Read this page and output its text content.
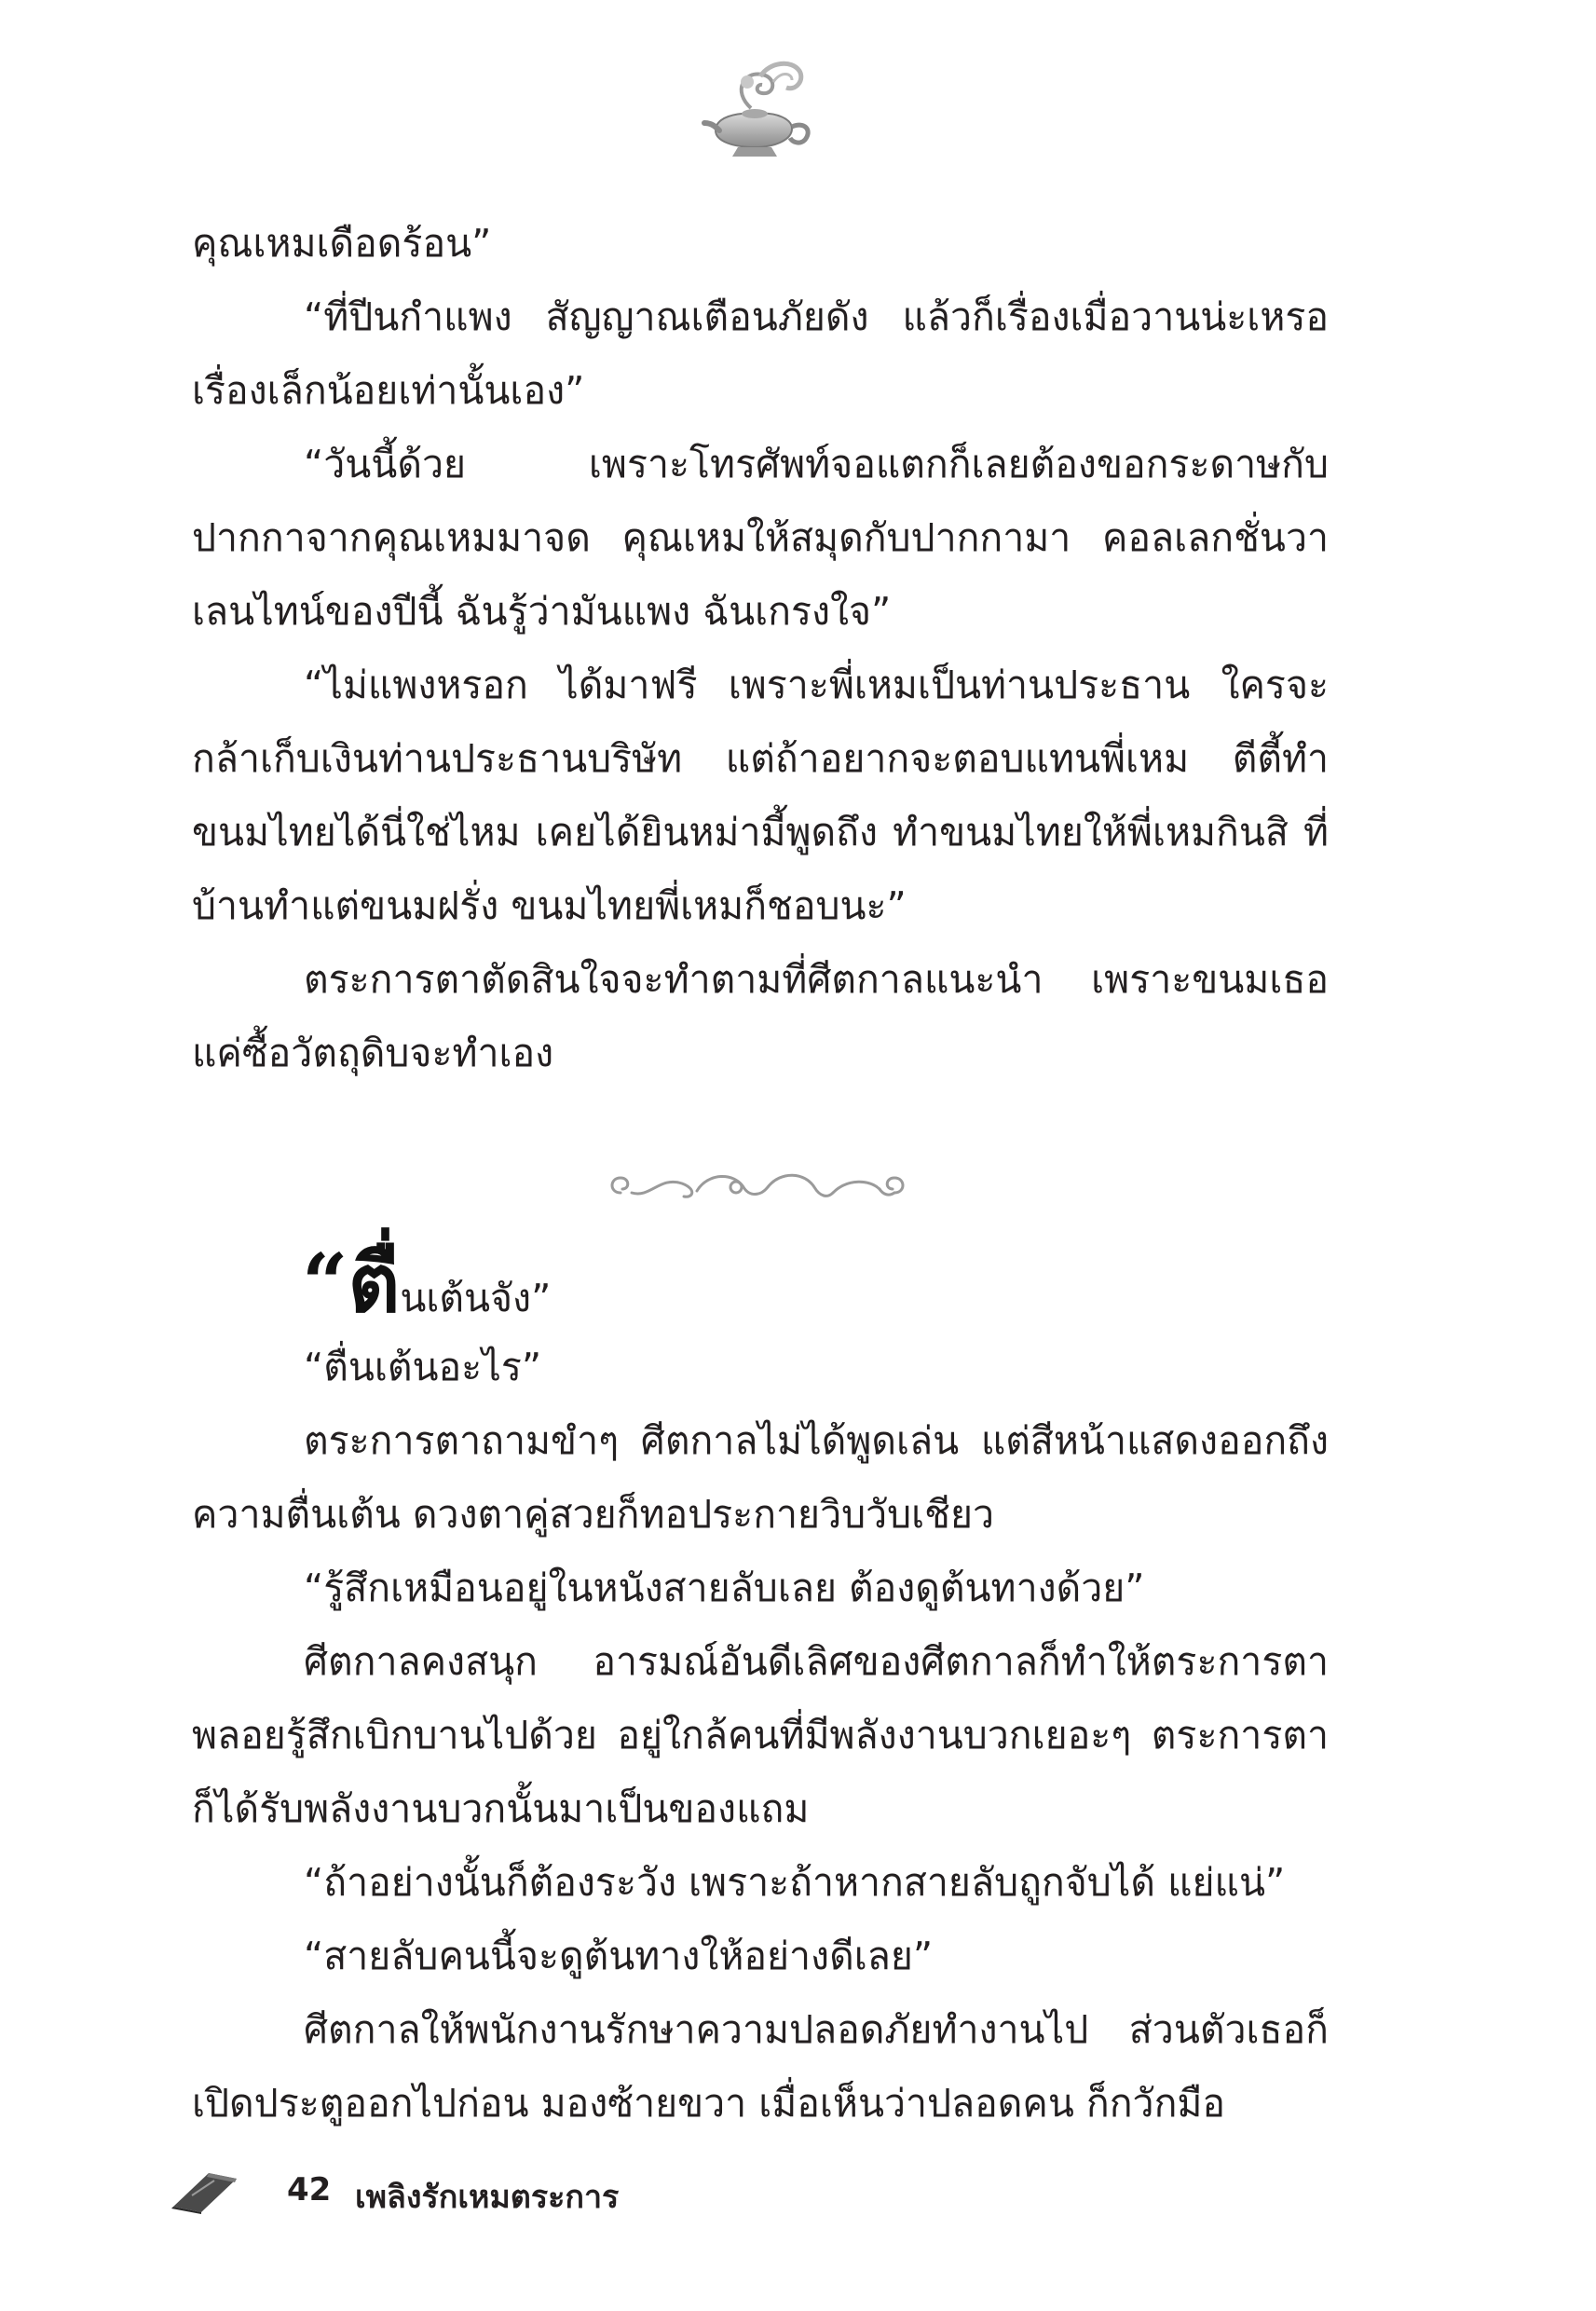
คุณเหมเดือดร้อน”

“ที่ปีนกำแพง สัญญาณเตือนภัยดัง แล้วก็เรื่องเมื่อวานน่ะเหรอ เรื่องเล็กน้อยเท่านั้นเอง”

“วันนี้ด้วย เพราะโทรศัพท์จอแตกก็เลยต้องขอกระดาษกับปากกาจากคุณเหมมาจด คุณเหมให้สมุดกับปากกามา คอลเลกชั่นวาเลนไทน์ของปีนี้ ฉันรู้ว่ามันแพง ฉันเกรงใจ”

“ไม่แพงหรอก ได้มาฟรี เพราะพี่เหมเป็นท่านประธาน ใครจะกล้าเก็บเงินท่านประธานบริษัท แต่ถ้าอยากจะตอบแทนพี่เหม ตีตี้ทำขนมไทยได้นี่ใช่ไหม เคยได้ยินหม่ามี้พูดถึง ทำขนมไทยให้พี่เหมกินสิ ที่บ้านทำแต่ขนมฝรั่ง ขนมไทยพี่เหมก็ชอบนะ”

ตระการตาตัดสินใจจะทำตามที่ศีตกาลแนะนำ เพราะขนมเธอแค่ซื้อวัตถุดิบจะทำเอง

“ตื่นเต้นจัง”

“ตื่นเต้นอะไร”

ตระการตาถามขำๆ ศีตกาลไม่ได้พูดเล่น แต่สีหน้าแสดงออกถึงความตื่นเต้น ดวงตาคู่สวยก็ทอประกายวิบวับเชียว

“รู้สึกเหมือนอยู่ในหนังสายลับเลย ต้องดูต้นทางด้วย”

ศีตกาลคงสนุก อารมณ์อันดีเลิศของศีตกาลก็ทำให้ตระการตาพลอยรู้สึกเบิกบานไปด้วย อยู่ใกล้คนที่มีพลังงานบวกเยอะๆ ตระการตาก็ได้รับพลังงานบวกนั้นมาเป็นของแถม

“ถ้าอย่างนั้นก็ต้องระวัง เพราะถ้าหากสายลับถูกจับได้ แย่แน่”

“สายลับคนนี้จะดูต้นทางให้อย่างดีเลย”

ศีตกาลให้พนักงานรักษาความปลอดภัยทำงานไป ส่วนตัวเธอก็เปิดประตูออกไปก่อน มองซ้ายขวา เมื่อเห็นว่าปลอดคน ก็กวักมือ

42 เพลิงรักเหมตระการ
